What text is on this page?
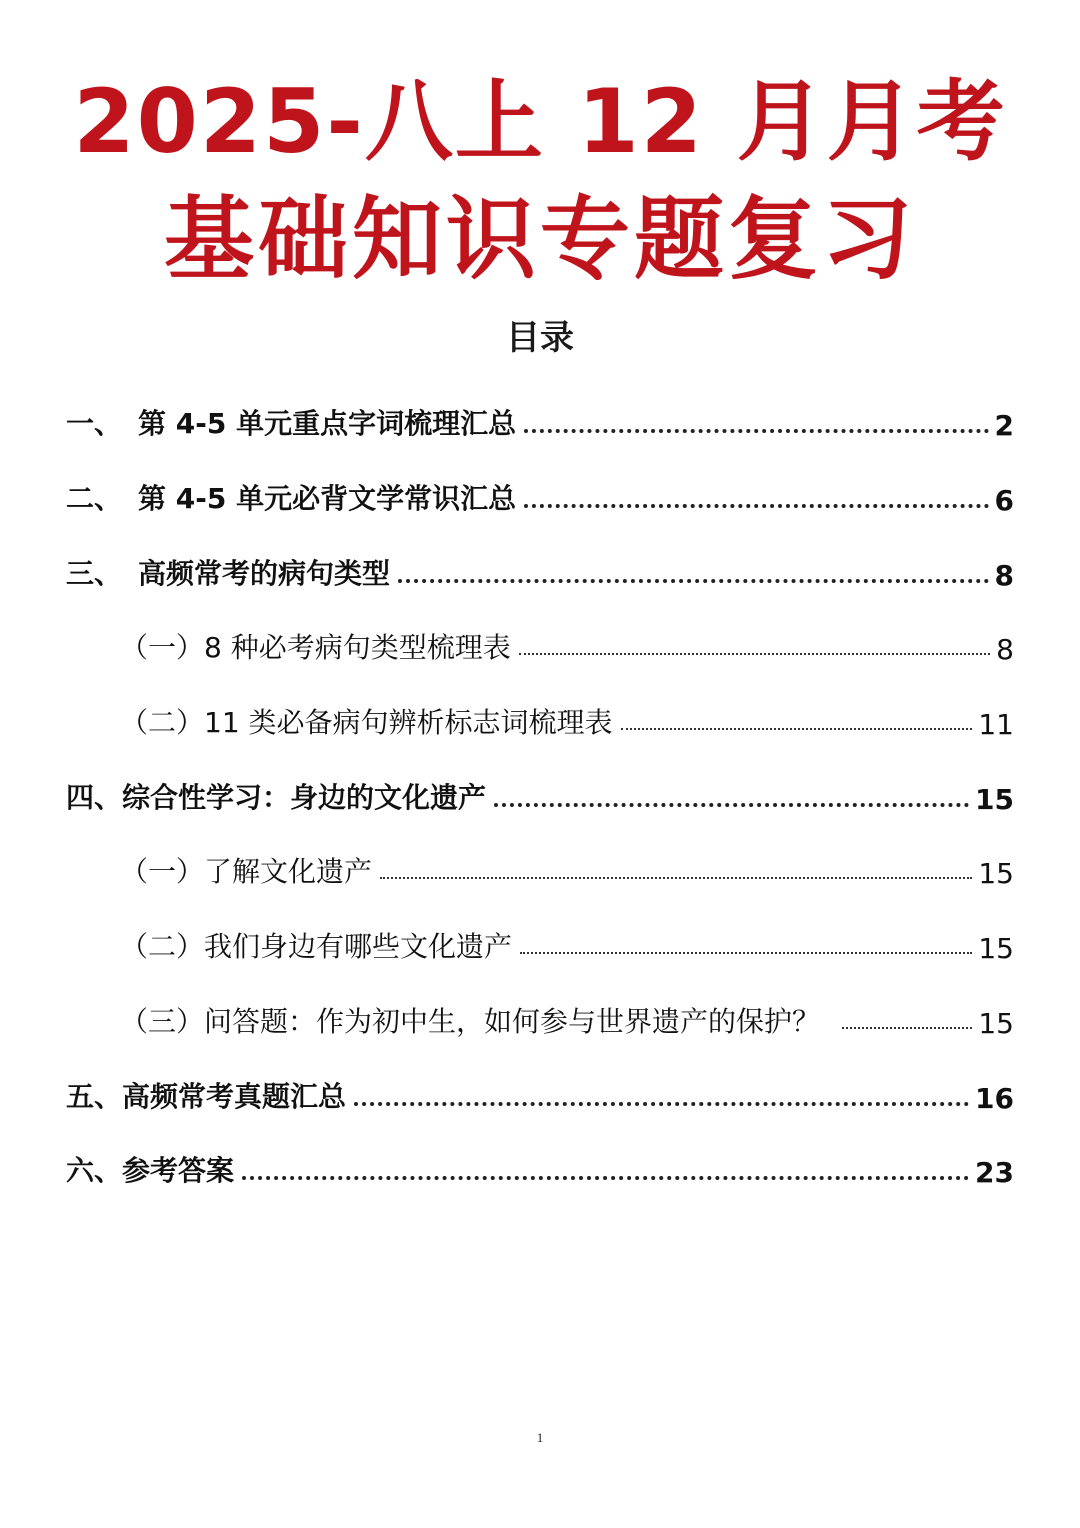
2025-八上 12 月月考
基础知识专题复习
目录
一、 第 4-5 单元重点字词梳理汇总	2
二、 第 4-5 单元必背文学常识汇总	6
三、 高频常考的病句类型	8
（一） 8 种必考病句类型梳理表	8
（二） 11 类必备病句辨析标志词梳理表	11
四、 综合性学习：身边的文化遗产	15
（一） 了解文化遗产	15
（二） 我们身边有哪些文化遗产	15
（三） 问答题：作为初中生，如何参与世界遗产的保护？	15
五、 高频常考真题汇总	16
六、 参考答案	23
1
